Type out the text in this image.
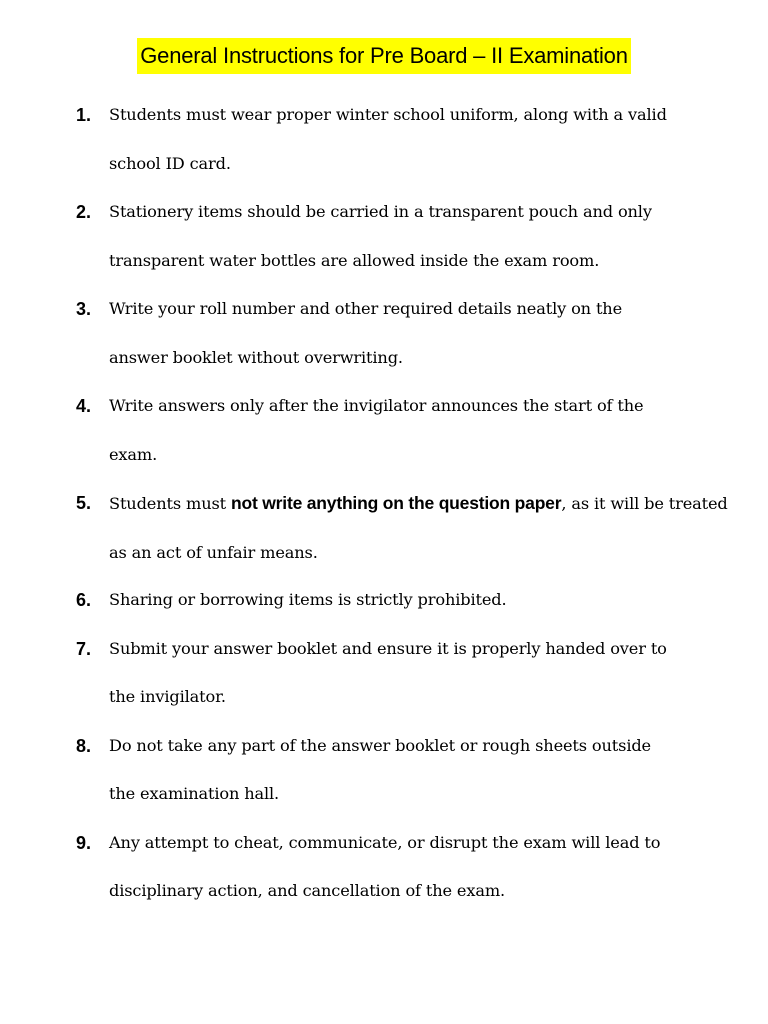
General Instructions for Pre Board – II Examination
1.	Students must wear proper winter school uniform, along with a valid
school ID card.
2.	Stationery items should be carried in a transparent pouch and only
transparent water bottles are allowed inside the exam room.
3.	Write your roll number and other required details neatly on the
answer booklet without overwriting.
4.	Write answers only after the invigilator announces the start of the
exam.
5.	Students must not write anything on the question paper, as it will be treated as an act of unfair means.
6.	Sharing or borrowing items is strictly prohibited.
7.	Submit your answer booklet and ensure it is properly handed over to
the invigilator.
8.	Do not take any part of the answer booklet or rough sheets outside
the examination hall.
9.	Any attempt to cheat, communicate, or disrupt the exam will lead to
disciplinary action, and cancellation of the exam.
